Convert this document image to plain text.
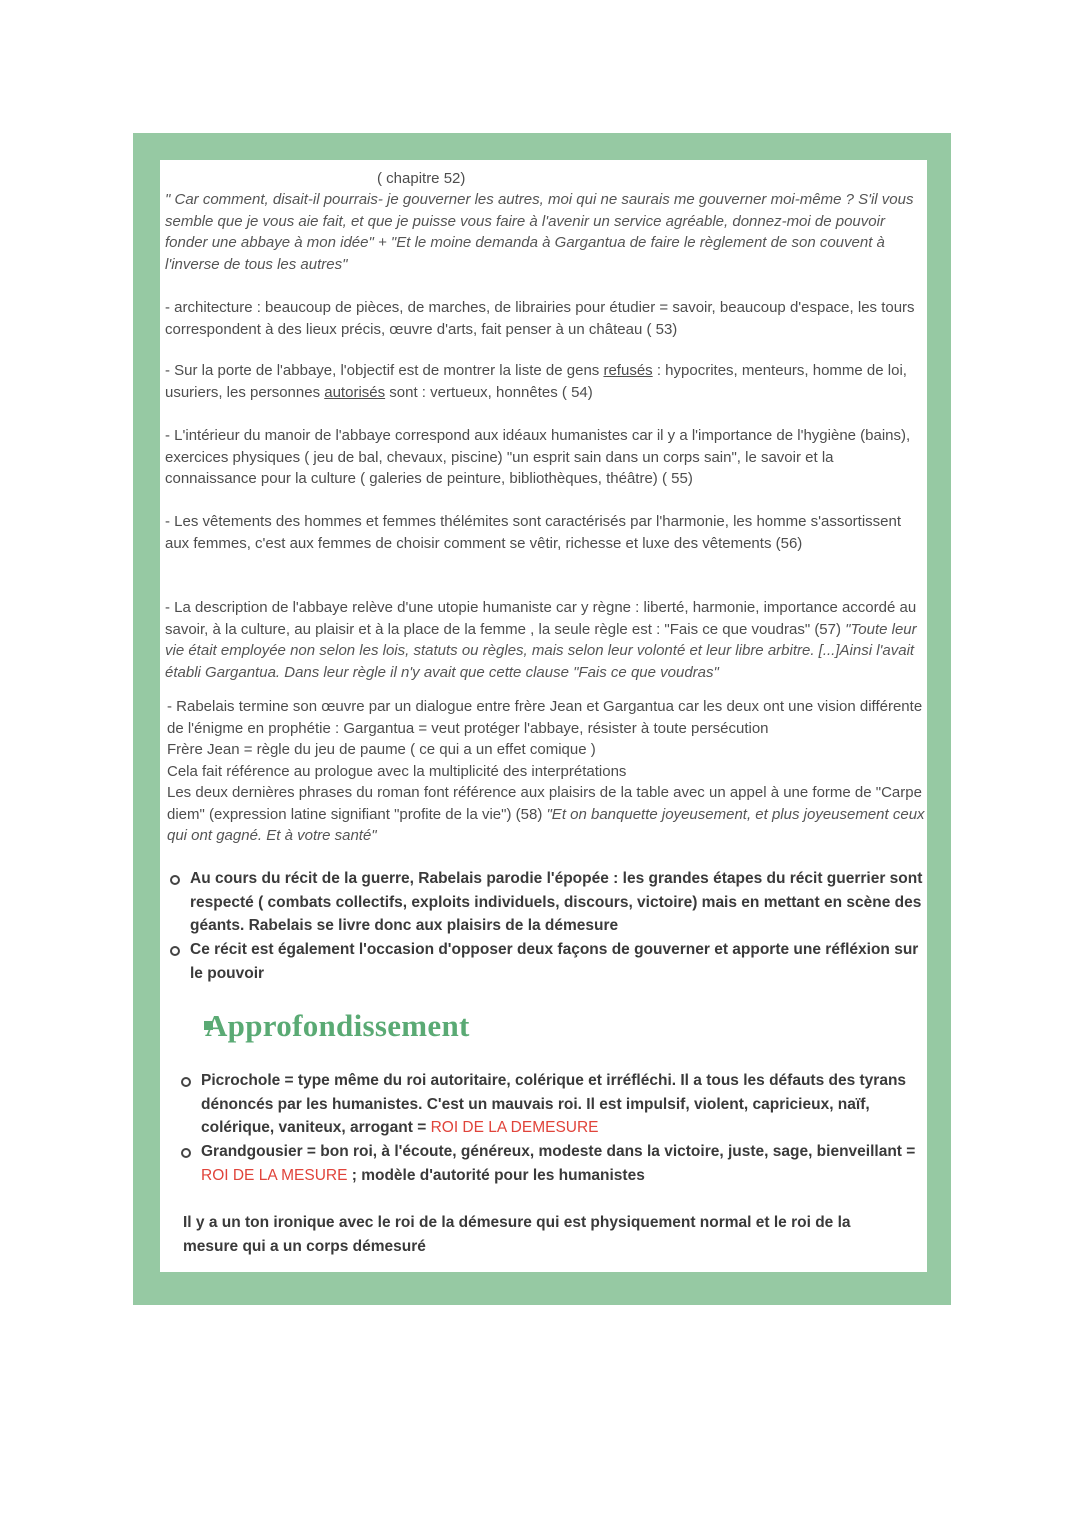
( chapitre 52)
" Car comment, disait-il pourrais- je gouverner les autres, moi qui ne saurais me gouverner moi-même ? S'il vous semble que je vous aie fait, et que je puisse vous faire à l'avenir un service agréable, donnez-moi de pouvoir fonder une abbaye à mon idée" + "Et le moine demanda à Gargantua de faire le règlement de son couvent à l'inverse de tous les autres"
- architecture : beaucoup de pièces, de marches, de librairies pour étudier = savoir, beaucoup d'espace, les tours correspondent à des lieux précis, œuvre d'arts, fait penser à un château ( 53)
- Sur la porte de l'abbaye, l'objectif est de montrer la liste de gens refusés : hypocrites, menteurs, homme de loi, usuriers, les personnes autorisés sont : vertueux, honnêtes ( 54)
- L'intérieur du manoir de l'abbaye correspond aux idéaux humanistes car il y a l'importance de l'hygiène (bains), exercices physiques ( jeu de bal, chevaux, piscine) "un esprit sain dans un corps sain", le savoir et la connaissance pour la culture ( galeries de peinture, bibliothèques, théâtre) ( 55)
- Les vêtements des hommes et femmes thélémites sont caractérisés par l'harmonie, les homme s'assortissent aux femmes, c'est aux femmes de choisir comment se vêtir, richesse et luxe des vêtements (56)
- La description de l'abbaye relève d'une utopie humaniste car y règne : liberté, harmonie, importance accordé au savoir, à la culture, au plaisir et à la place de la femme , la seule règle est : "Fais ce que voudras" (57) "Toute leur vie était employée non selon les lois, statuts ou règles, mais selon leur volonté et leur libre arbitre. [...]Ainsi l'avait établi Gargantua. Dans leur règle il n'y avait que cette clause "Fais ce que voudras"
- Rabelais termine son œuvre par un dialogue entre frère Jean et Gargantua car les deux ont une vision différente de l'énigme en prophétie : Gargantua = veut protéger l'abbaye, résister à toute persécution
Frère Jean = règle du jeu de paume ( ce qui a un effet comique )
Cela fait référence au prologue avec la multiplicité des interprétations
Les deux dernières phrases du roman font référence aux plaisirs de la table avec un appel à une forme de "Carpe diem" (expression latine signifiant "profite de la vie") (58) "Et on banquette joyeusement, et plus joyeusement ceux qui ont gagné. Et à votre santé"
Au cours du récit de la guerre, Rabelais parodie l'épopée : les grandes étapes du récit guerrier sont respecté ( combats collectifs, exploits individuels, discours, victoire) mais en mettant en scène des géants. Rabelais se livre donc aux plaisirs de la démesure
Ce récit est également l'occasion d'opposer deux façons de gouverner et apporte une réfléxion sur le pouvoir
Approfondissement
Picrochole = type même du roi autoritaire, colérique et irréfléchi. Il a tous les défauts des tyrans dénoncés par les humanistes. C'est un mauvais roi. Il est impulsif, violent, capricieux, naïf, colérique, vaniteux, arrogant = ROI DE LA DEMESURE
Grandgousier = bon roi, à l'écoute, généreux, modeste dans la victoire, juste, sage, bienveillant = ROI DE LA MESURE ; modèle d'autorité pour les humanistes
Il y a un ton ironique avec le roi de la démesure qui est physiquement normal et le roi de la mesure qui a un corps démesuré
